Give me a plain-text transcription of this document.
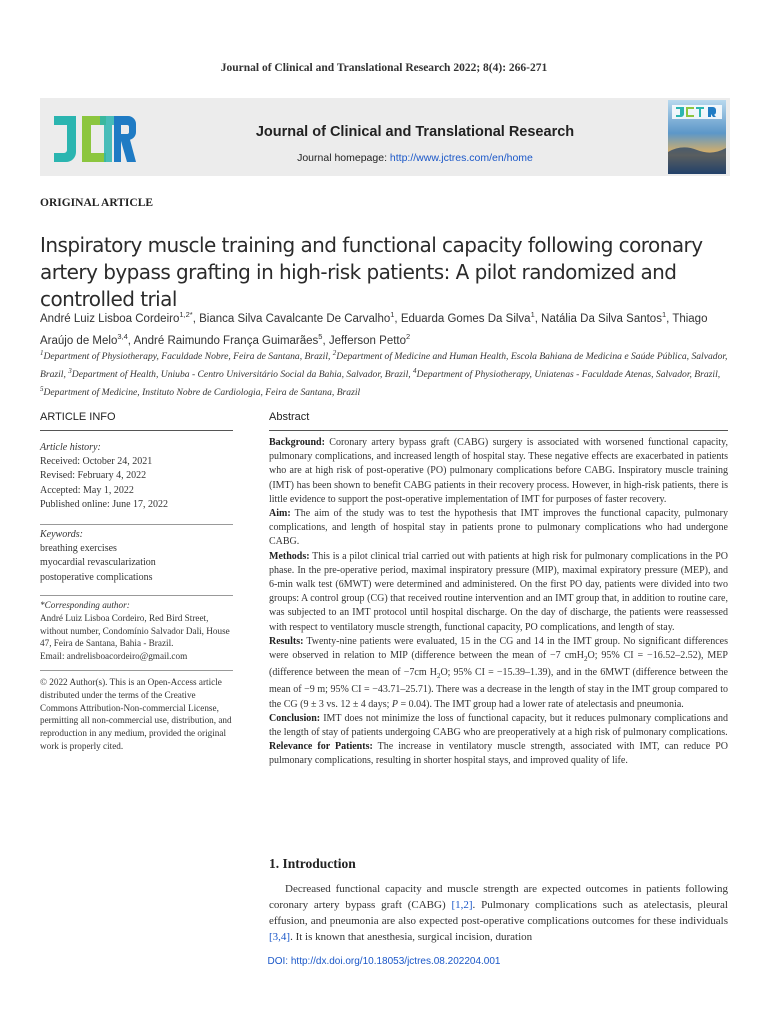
Journal of Clinical and Translational Research 2022; 8(4): 266-271
Journal of Clinical and Translational Research
Journal homepage: http://www.jctres.com/en/home
ORIGINAL ARTICLE
Inspiratory muscle training and functional capacity following coronary artery bypass grafting in high-risk patients: A pilot randomized and controlled trial
André Luiz Lisboa Cordeiro$^{1,2*}$, Bianca Silva Cavalcante De Carvalho$^1$, Eduarda Gomes Da Silva$^1$, Natália Da Silva Santos$^1$, Thiago Araújo de Melo$^{3,4}$, André Raimundo França Guimarães$^5$, Jefferson Petto$^2$
$^1$Department of Physiotherapy, Faculdade Nobre, Feira de Santana, Brazil, $^2$Department of Medicine and Human Health, Escola Bahiana de Medicina e Saúde Pública, Salvador, Brazil, $^3$Department of Health, Uniuba - Centro Universitário Social da Bahia, Salvador, Brazil, $^4$Department of Physiotherapy, Uniatenas - Faculdade Atenas, Salvador, Brazil, $^5$Department of Medicine, Instituto Nobre de Cardiologia, Feira de Santana, Brazil
ARTICLE INFO	Abstract
Article history:
Received: October 24, 2021
Revised: February 4, 2022
Accepted: May 1, 2022
Published online: June 17, 2022
Keywords:
breathing exercises
myocardial revascularization
postoperative complications
*Corresponding author:
André Luiz Lisboa Cordeiro, Red Bird Street, without number, Condomínio Salvador Dali, House 47, Feira de Santana, Bahia - Brazil.
Email: andrelisboacordeiro@gmail.com
© 2022 Author(s). This is an Open-Access article distributed under the terms of the Creative Commons Attribution-Non-commercial License, permitting all non-commercial use, distribution, and reproduction in any medium, provided the original work is properly cited.

Background: Coronary artery bypass graft (CABG) surgery is associated with worsened functional capacity, pulmonary complications, and increased length of hospital stay. These negative effects are exacerbated in patients who are at high risk of post-operative (PO) pulmonary complications before CABG. Inspiratory muscle training (IMT) has been shown to benefit CABG patients in their recovery process. However, in high-risk patients, there is little evidence to support the post-operative implementation of IMT for purposes of faster recovery.

Aim: The aim of the study was to test the hypothesis that IMT improves the functional capacity, pulmonary complications, and length of hospital stay in patients prone to pulmonary complications who had undergone CABG.

Methods: This is a pilot clinical trial carried out with patients at high risk for pulmonary complications in the PO phase. In the pre-operative period, maximal inspiratory pressure (MIP), maximal expiratory pressure (MEP), and 6-min walk test (6MWT) were determined and administered. On the first PO day, patients were divided into two groups: A control group (CG) that received routine intervention and an IMT group that, in addition to routine care, was subjected to an IMT protocol until hospital discharge. On the day of discharge, the patients were reassessed with respect to ventilatory muscle strength, functional capacity, PO complications, and length of stay.

Results: Twenty-nine patients were evaluated, 15 in the CG and 14 in the IMT group. No significant differences were observed in relation to MIP (difference between the mean of −7 cmH$_2$O; 95% CI = −16.52–2.52), MEP (difference between the mean of −7cm $H_2O$; 95% CI = −15.39–1.39), and in the 6MWT (difference between the mean of −9 m; 95% CI = −43.71–25.71). There was a decrease in the length of stay in the IMT group compared to the CG (9 ± 3 vs. 12 ± 4 days; P = 0.04). The IMT group had a lower rate of atelectasis and pneumonia.

Conclusion: IMT does not minimize the loss of functional capacity, but it reduces pulmonary complications and the length of stay of patients undergoing CABG who are preoperatively at a high risk of pulmonary complications.

Relevance for Patients: The increase in ventilatory muscle strength, associated with IMT, can reduce PO pulmonary complications, resulting in shorter hospital stays, and improved quality of life.

1. Introduction
Decreased functional capacity and muscle strength are expected outcomes in patients following coronary artery bypass graft (CABG) [1,2]. Pulmonary complications such as atelectasis, pleural effusion, and pneumonia are also expected post-operative complications outcomes for these individuals [3,4]. It is known that anesthesia, surgical incision, duration
DOI: http://dx.doi.org/10.18053/jctres.08.202204.001
